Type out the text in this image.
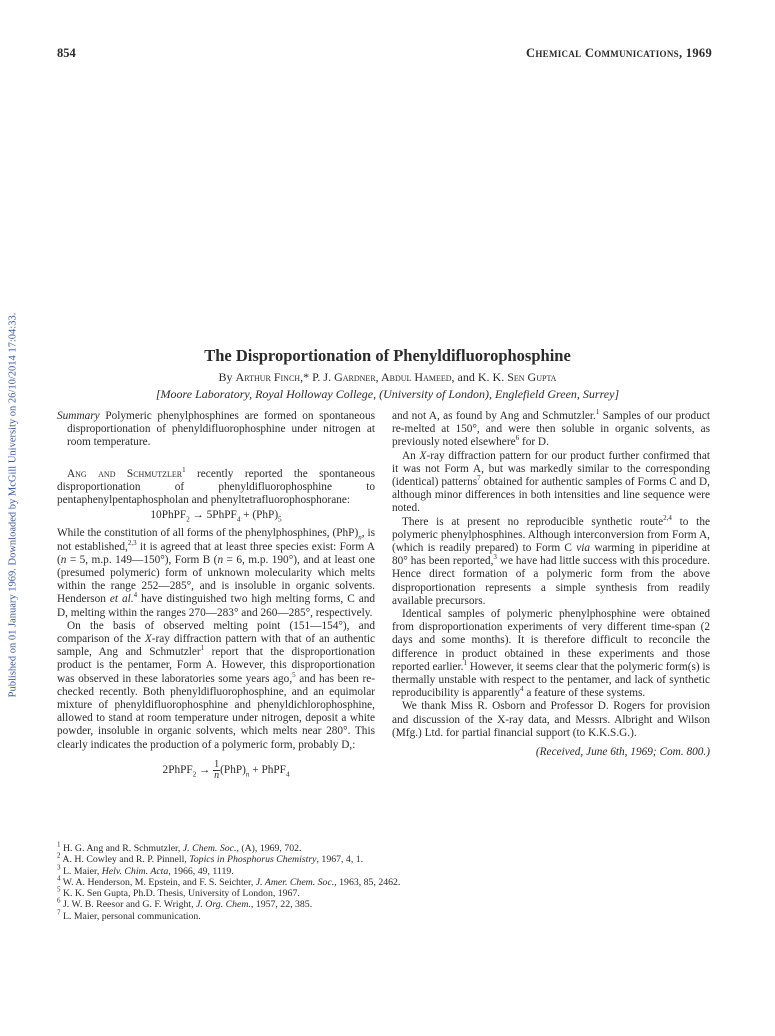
Published on 01 January 1969. Downloaded by McGill University on 26/10/2014 17:04:33.
854	Chemical Communications, 1969
The Disproportionation of Phenyldifluorophosphine
By Arthur Finch,* P. J. Gardner, Abdul Hameed, and K. K. Sen Gupta
[Moore Laboratory, Royal Holloway College, (University of London), Englefield Green, Surrey]

Summary Polymeric phenylphosphines are formed on spontaneous disproportionation of phenyldifluorophosphine under nitrogen at room temperature.

Ang and Schmutzler$^1$ recently reported the spontaneous disproportionation of phenyldifluorophosphine to pentaphenylpentaphospholan and phenyltetrafluorophosphorane:

10PhPF$_2$ → 5PhPF$_4$ + $(PhP)_5$

While the constitution of all forms of the phenylphosphines, $(PhP)_n$, is not established,$^{2,3}$ it is agreed that at least three species exist: Form A (n = 5, m.p. 149—150°), Form B (n = 6, m.p. 190°), and at least one (presumed polymeric) form of unknown molecularity which melts within the range 252—285°, and is insoluble in organic solvents. Henderson et al.$^4$ have distinguished two high melting forms, C and D, melting within the ranges 270—283° and 260—285°, respectively.

On the basis of observed melting point (151—154°), and comparison of the X-ray diffraction pattern with that of an authentic sample, Ang and Schmutzler$^1$ report that the disproportionation product is the pentamer, Form A. However, this disproportionation was observed in these laboratories some years ago,$^5$ and has been re-checked recently. Both phenyldifluorophosphine, and an equimolar mixture of phenyldifluorophosphine and phenyldichlorophosphine, allowed to stand at room temperature under nitrogen, deposit a white powder, insoluble in organic solvents, which melts near 280°. This clearly indicates the production of a polymeric form, probably D,:

2PhPF$_2$ → $\frac{1}{n} (PhP)_n$ + PhPF$_4$

and not A, as found by Ang and Schmutzler.$^1$ Samples of our product re-melted at 150°, and were then soluble in organic solvents, as previously noted elsewhere$^6$ for D.

An X-ray diffraction pattern for our product further confirmed that it was not Form A, but was markedly similar to the corresponding (identical) patterns$^7$ obtained for authentic samples of Forms C and D, although minor differences in both intensities and line sequence were noted.

There is at present no reproducible synthetic route$^{2,4}$ to the polymeric phenylphosphines. Although interconversion from Form A, (which is readily prepared) to Form C via warming in piperidine at 80° has been reported,$^3$ we have had little success with this procedure. Hence direct formation of a polymeric form from the above disproportionation represents a simple synthesis from readily available precursors.

Identical samples of polymeric phenylphosphine were obtained from disproportionation experiments of very different time-span (2 days and some months). It is therefore difficult to reconcile the difference in product obtained in these experiments and those reported earlier.$^1$ However, it seems clear that the polymeric form(s) is thermally unstable with respect to the pentamer, and lack of synthetic reproducibility is apparently$^4$ a feature of these systems.

We thank Miss R. Osborn and Professor D. Rogers for provision and discussion of the X-ray data, and Messrs. Albright and Wilson (Mfg.) Ltd. for partial financial support (to K.K.S.G.).

(Received, June 6th, 1969; Com. 800.)

$^1$ H. G. Ang and R. Schmutzler, J. Chem. Soc., (A), 1969, 702.
$^2$ A. H. Cowley and R. P. Pinnell, Topics in Phosphorus Chemistry, 1967, 4, 1.
$^3$ L. Maier, Helv. Chim. Acta, 1966, 49, 1119.
$^4$ W. A. Henderson, M. Epstein, and F. S. Seichter, J. Amer. Chem. Soc., 1963, 85, 2462.
$^5$ K. K. Sen Gupta, Ph.D. Thesis, University of London, 1967.
$^6$ J. W. B. Reesor and G. F. Wright, J. Org. Chem., 1957, 22, 385.
$^7$ L. Maier, personal communication.
